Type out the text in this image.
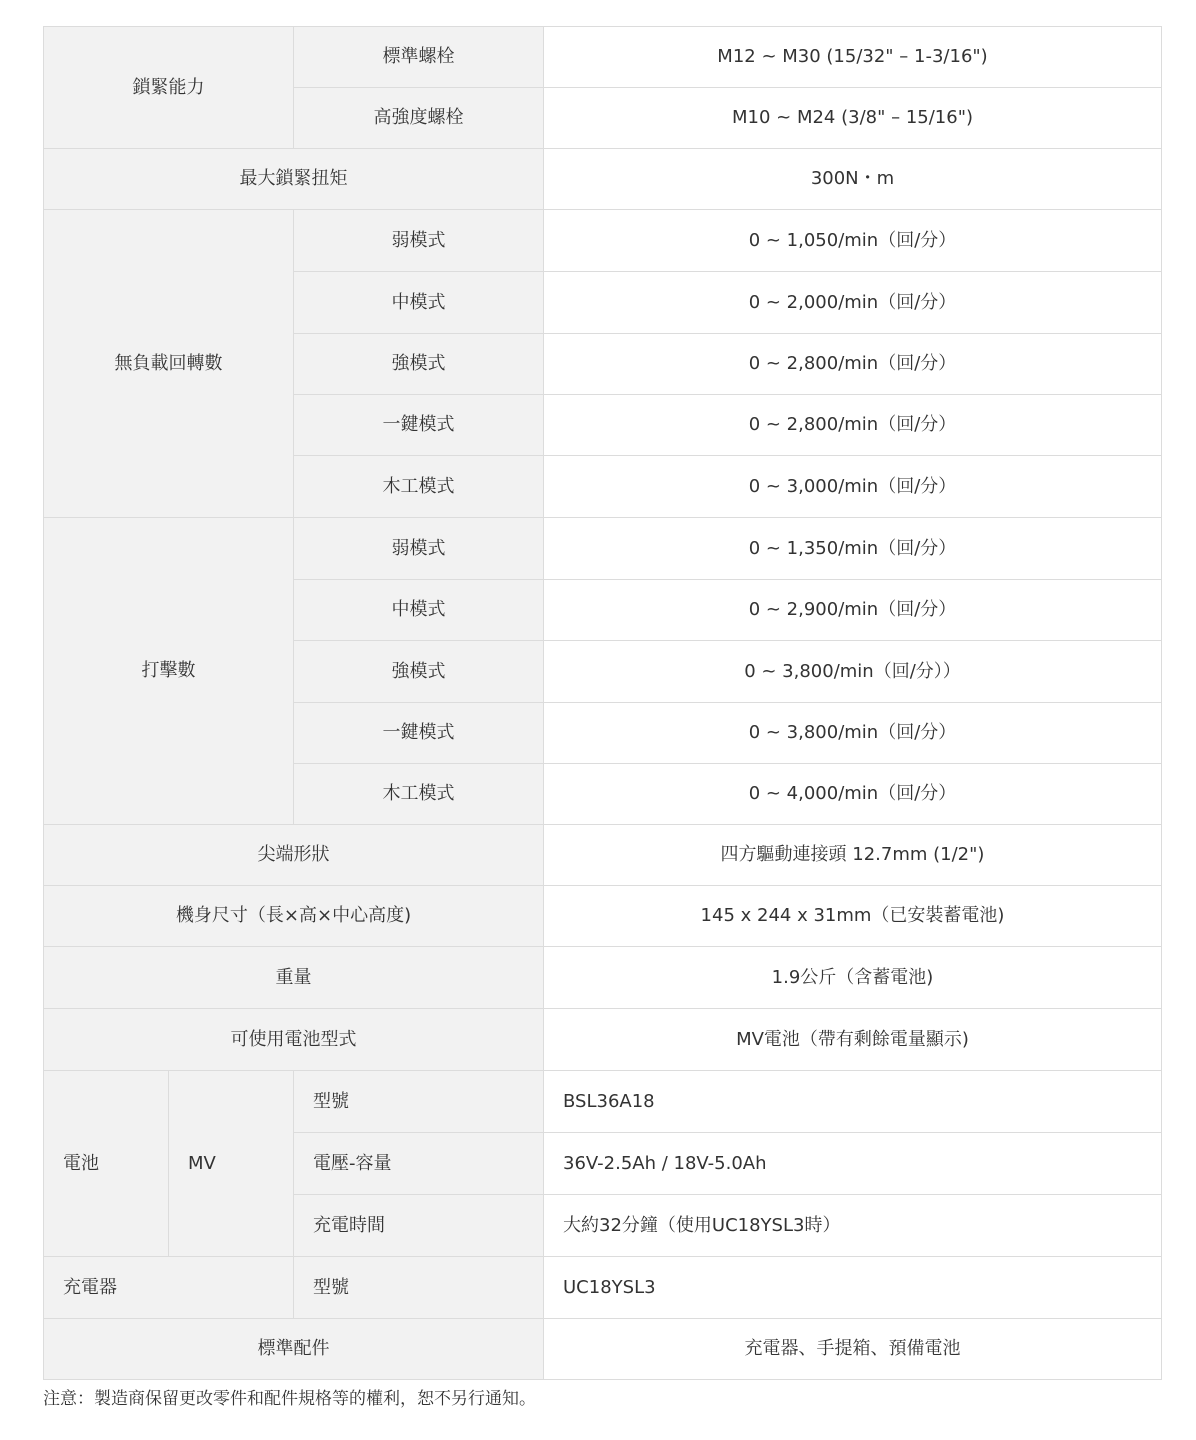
鎖緊能力		標準螺栓	M12 ~ M30 (15/32" – 1-3/16")
		高強度螺栓	M10 ~ M24 (3/8" – 15/16")
最大鎖緊扭矩			300N・m
無負載回轉數		弱模式	0 ~ 1,050/min（回/分）
		中模式	0 ~ 2,000/min（回/分）
		強模式	0 ~ 2,800/min（回/分）
		一鍵模式	0 ~ 2,800/min（回/分）
		木工模式	0 ~ 3,000/min（回/分）
打擊數		弱模式	0 ~ 1,350/min（回/分）
		中模式	0 ~ 2,900/min（回/分）
		強模式	0 ~ 3,800/min（回/分））
		一鍵模式	0 ~ 3,800/min（回/分）
		木工模式	0 ~ 4,000/min（回/分）
尖端形狀			四方驅動連接頭 12.7mm (1/2")
機身尺寸（長×高×中心高度)			145 x 244 x 31mm（已安裝蓄電池)
重量			1.9公斤（含蓄電池)
可使用電池型式			MV電池（帶有剩餘電量顯示)
電池	MV	型號	BSL36A18
		電壓-容量	36V-2.5Ah / 18V-5.0Ah
		充電時間	大約32分鐘（使用UC18YSL3時）
充電器		型號	UC18YSL3
標準配件			充電器、手提箱、預備電池
注意：製造商保留更改零件和配件規格等的權利，恕不另行通知。
